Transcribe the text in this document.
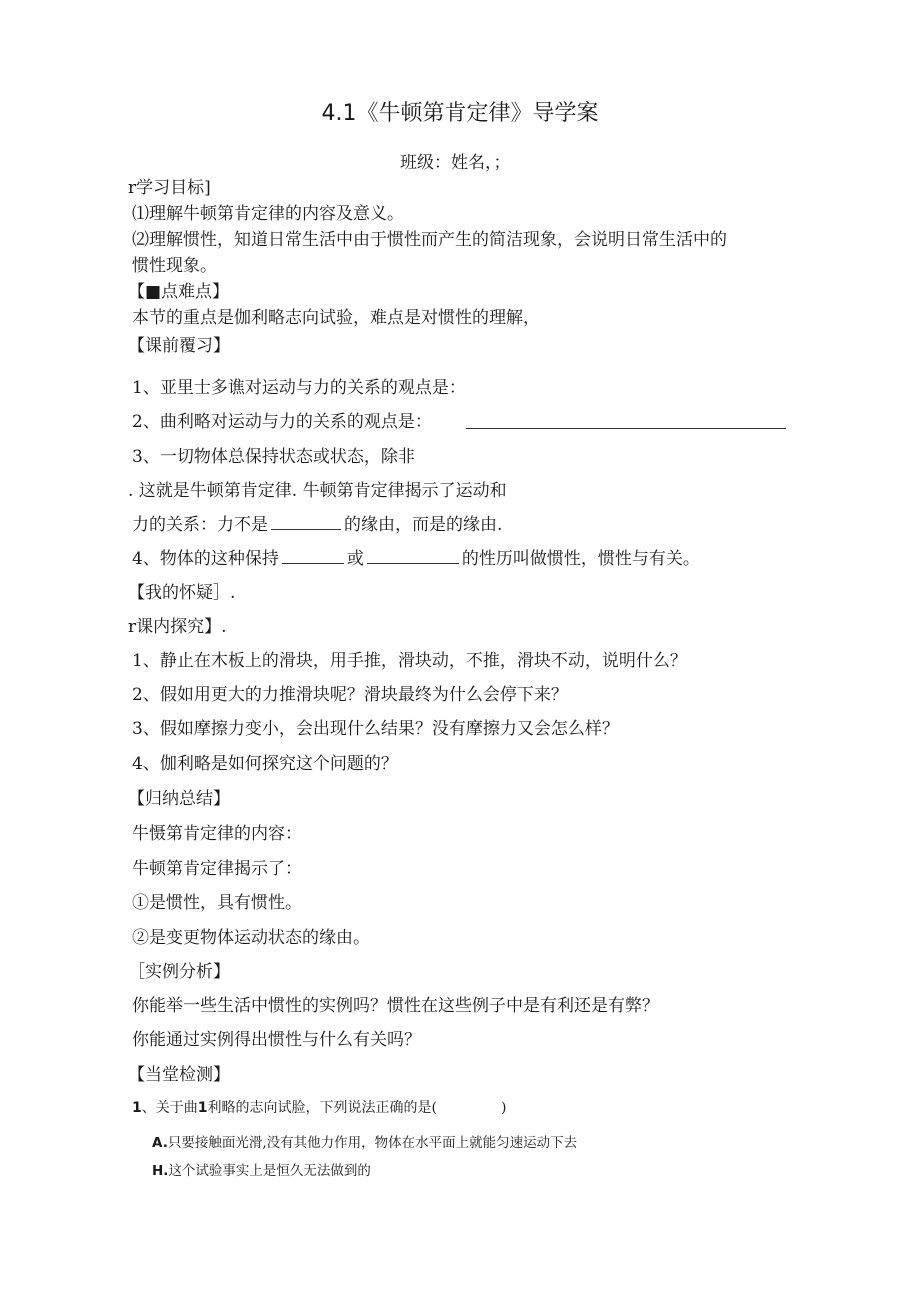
4.1《牛顿第肯定律》导学案
班级：姓名，；
r学习目标]
⑴理解牛顿第肯定律的内容及意义。
⑵理解惯性，知道日常生活中由于惯性而产生的简洁现象，会说明日常生活中的
惯性现象。
【■点难点】
本节的重点是伽利略志向试验，难点是对惯性的理解，
【课前覆习】
1、亚里士多谯对运动与力的关系的观点是：
2、曲利略对运动与力的关系的观点是：
3、一切物体总保持状态或状态，除非
. 这就是牛顿第肯定律. 牛顿第肯定律揭示了运动和
力的关系：力不是	的缘由，而是的缘由.
4、物体的这种保持	或	的性历叫做惯性，惯性与有关。
【我的怀疑］.
r课内探究】.
1、静止在木板上的滑块，用手推，滑块动，不推，滑块不动，说明什么？
2、假如用更大的力推滑块呢？滑块最终为什么会停下来？
3、假如摩擦力变小，会出现什么结果？没有摩擦力又会怎么样？
4、伽利略是如何探究这个问题的？
【归纳总结】
牛慑第肯定律的内容：
牛顿第肯定律揭示了：
①是惯性，具有惯性。
②是变更物体运动状态的缘由。
［实例分析】
你能举一些生活中惯性的实例吗？惯性在这些例子中是有利还是有弊？
你能通过实例得出惯性与什么有关吗？
【当堂检测】
1、关于曲1利略的志向试脸，下列说法正确的是(	)
A.只要接触面光滑,没有其他力作用，物体在水平面上就能匀速运动下去
H.这个试验事实上是恒久无法做到的
